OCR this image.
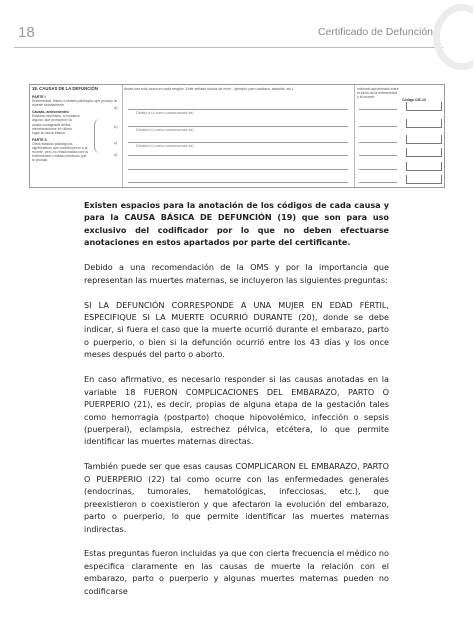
18	Certificado de Defunción
18. CAUSAS DE LA DEFUNCIÓN
PARTE I
Enfermedad, lesión o estado patológico que produjo la muerte directamente
Causas, antecedentes
Estados morbosos, si existiera alguno, que produjeron la causa consignada arriba, mencionándose en último lugar la causa básica
PARTE II
Otros estados patológicos significativos que contribuyeron a la muerte, pero no relacionados con la enfermedad o estado morboso que la produjo
a)
b)
c)
d)
Anote una sola causa en cada renglón. Evite señalar modos de morir - ejemplo: paro cardíaco, asistolia, etc.)
Debido a (o como consecuencia de)
Debido a (o como consecuencia de)
Debido a (o como consecuencia de)
Intervalo aproximado entre el inicio de la enfermedad y la muerte
Código CIE-10

Existen espacios para la anotación de los códigos de cada causa y para la CAUSA BÁSICA DE DEFUNCIÓN (19) que son para uso exclusivo del codificador por lo que no deben efectuarse anotaciones en estos apartados por parte del certificante.

Debido a una recomendación de la OMS y por la importancia que representan las muertes maternas, se incluyeron las siguientes preguntas:

SI LA DEFUNCIÓN CORRESPONDE A UNA MUJER EN EDAD FÉRTIL, ESPECIFIQUE SI LA MUERTE OCURRIÓ DURANTE (20), donde se debe indicar, si fuera el caso que la muerte ocurrió durante el embarazo, parto o puerperio, o bien si la defunción ocurrió entre los 43 días y los once meses después del parto o aborto.

En caso afirmativo, es necesario responder si las causas anotadas en la variable 18 FUERON COMPLICACIONES DEL EMBARAZO, PARTO O PUERPERIO (21), es decir, propias de alguna etapa de la gestación tales como hemorragia (postparto) choque hipovolémico, infección o sepsis (puerperal), eclampsia, estrechez pélvica, etcétera, lo que permite identificar las muertes maternas directas.

También puede ser que esas causas COMPLICARON EL EMBARAZO, PARTO O PUERPERIO (22) tal como ocurre con las enfermedades generales (endocrinas, tumorales, hematológicas, infecciosas, etc.), que preexistieron o coexistieron y que afectaron la evolución del embarazo, parto o puerperio, lo que permite identificar las muertes maternas indirectas.

Estas preguntas fueron incluidas ya que con cierta frecuencia el médico no especifica claramente en las causas de muerte la relación con el embarazo, parto o puerperio y algunas muertes maternas pueden no codificarse
